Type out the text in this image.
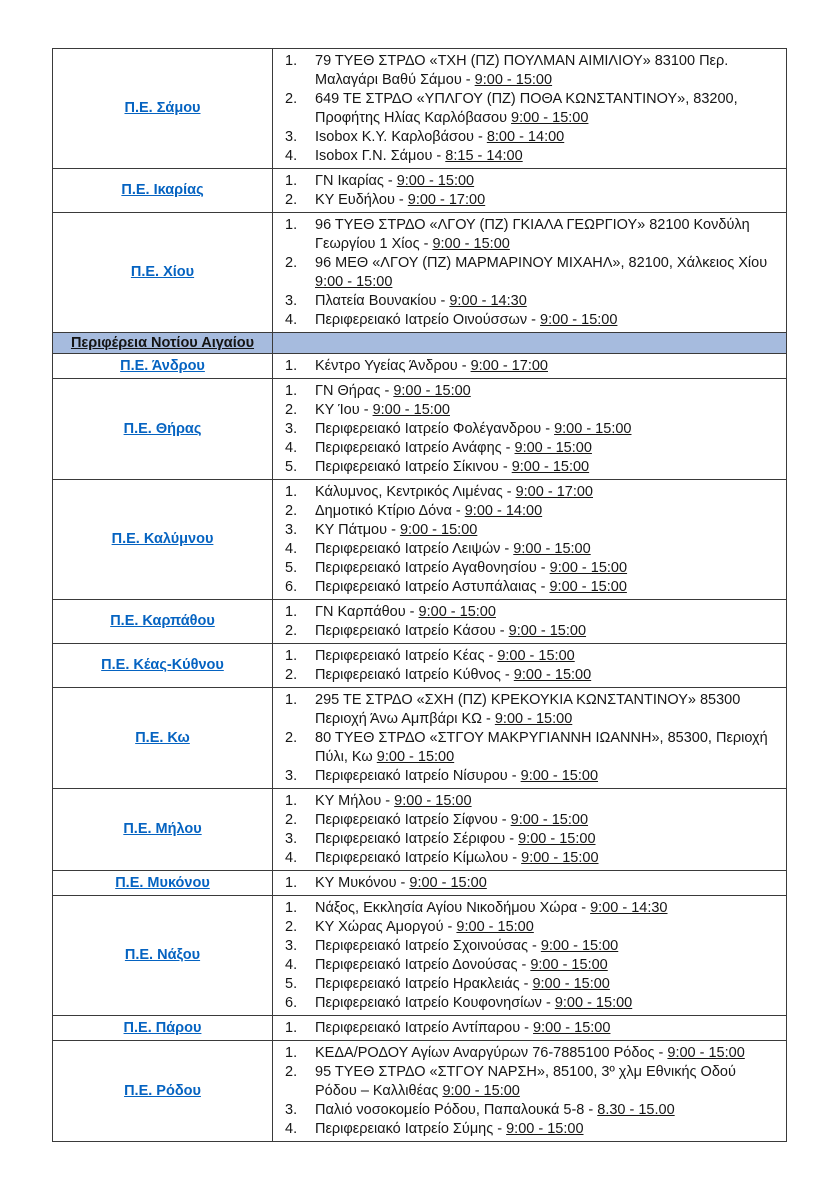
Π.Ε. Σάμου	
1.	79 ΤΥΕΘ ΣΤΡΔΟ «ΤΧΗ (ΠΖ) ΠΟΥΛΜΑΝ ΑΙΜΙΛΙΟΥ» 83100 Περ. Μαλαγάρι Βαθύ Σάμου - 9:00 - 15:00
2.	649 ΤΕ ΣΤΡΔΟ «ΥΠΛΓΟΥ (ΠΖ) ΠΟΘΑ ΚΩΝΣΤΑΝΤΙΝΟΥ», 83200, Προφήτης Ηλίας Καρλόβασου 9:00 - 15:00
3.	Isobox Κ.Υ. Καρλοβάσου - 8:00 - 14:00
4.	Isobox Γ.Ν. Σάμου - 8:15 - 14:00

Π.Ε. Ικαρίας	1. ΓΝ Ικαρίας - 9:00 - 15:00
2. ΚΥ Ευδήλου - 9:00 - 17:00

Π.Ε. Χίου	
1.	96 ΤΥΕΘ ΣΤΡΔΟ «ΛΓΟΥ (ΠΖ) ΓΚΙΑΛΑ ΓΕΩΡΓΙΟΥ» 82100 Κονδύλη Γεωργίου 1 Χίος - 9:00 - 15:00
2.	96 ΜΕΘ «ΛΓΟΥ (ΠΖ) ΜΑΡΜΑΡΙΝΟΥ ΜΙΧΑΗΛ», 82100, Χάλκειος Χίου 9:00 - 15:00
3.	Πλατεία Βουνακίου - 9:00 - 14:30
4.	Περιφερειακό Ιατρείο Οινούσσων - 9:00 - 15:00

Περιφέρεια Νοτίου Αιγαίου	
Π.Ε. Άνδρου	1. Κέντρο Υγείας Άνδρου - 9:00 - 17:00

Π.Ε. Θήρας	
1.	ΓΝ Θήρας - 9:00 - 15:00
2.	ΚΥ Ίου - 9:00 - 15:00
3.	Περιφερειακό Ιατρείο Φολέγανδρου - 9:00 - 15:00
4.	Περιφερειακό Ιατρείο Ανάφης - 9:00 - 15:00
5.	Περιφερειακό Ιατρείο Σίκινου - 9:00 - 15:00

Π.Ε. Καλύμνου	
1.	Κάλυμνος, Κεντρικός Λιμένας - 9:00 - 17:00
2.	Δημοτικό Κτίριο Δόνα - 9:00 - 14:00
3.	ΚΥ Πάτμου - 9:00 - 15:00
4.	Περιφερειακό Ιατρείο Λειψών - 9:00 - 15:00
5.	Περιφερειακό Ιατρείο Αγαθονησίου - 9:00 - 15:00
6.	Περιφερειακό Ιατρείο Αστυπάλαιας - 9:00 - 15:00

Π.Ε. Καρπάθου	1. ΓΝ Καρπάθου - 9:00 - 15:00
2. Περιφερειακό Ιατρείο Κάσου - 9:00 - 15:00

Π.Ε. Κέας-Κύθνου	1. Περιφερειακό Ιατρείο Κέας - 9:00 - 15:00
2. Περιφερειακό Ιατρείο Κύθνος - 9:00 - 15:00

Π.Ε. Κω	
1.	295 ΤΕ ΣΤΡΔΟ «ΣΧΗ (ΠΖ) ΚΡΕΚΟΥΚΙΑ ΚΩΝΣΤΑΝΤΙΝΟΥ» 85300 Περιοχή Άνω Αμπβάρι ΚΩ - 9:00 - 15:00
2.	80 ΤΥΕΘ ΣΤΡΔΟ «ΣΤΓΟΥ ΜΑΚΡΥΓΙΑΝΝΗ ΙΩΑΝΝΗ», 85300, Περιοχή Πύλι, Κω 9:00 - 15:00
3.	Περιφερειακό Ιατρείο Νίσυρου - 9:00 - 15:00

Π.Ε. Μήλου	
1.	ΚΥ Μήλου - 9:00 - 15:00
2.	Περιφερειακό Ιατρείο Σίφνου - 9:00 - 15:00
3.	Περιφερειακό Ιατρείο Σέριφου - 9:00 - 15:00
4.	Περιφερειακό Ιατρείο Κίμωλου - 9:00 - 15:00

Π.Ε. Μυκόνου	1. ΚΥ Μυκόνου - 9:00 - 15:00

Π.Ε. Νάξου	
1.	Νάξος, Εκκλησία Αγίου Νικοδήμου Χώρα - 9:00 - 14:30
2.	ΚΥ Χώρας Αμοργού - 9:00 - 15:00
3.	Περιφερειακό Ιατρείο Σχοινούσας - 9:00 - 15:00
4.	Περιφερειακό Ιατρείο Δονούσας - 9:00 - 15:00
5.	Περιφερειακό Ιατρείο Ηρακλειάς - 9:00 - 15:00
6.	Περιφερειακό Ιατρείο Κουφονησίων - 9:00 - 15:00

Π.Ε. Πάρου	1. Περιφερειακό Ιατρείο Αντίπαρου - 9:00 - 15:00

Π.Ε. Ρόδου	
1.	ΚΕΔΑ/ΡΟΔΟΥ Αγίων Αναργύρων 76-7885100 Ρόδος - 9:00 - 15:00
2.	95 ΤΥΕΘ ΣΤΡΔΟ «ΣΤΓΟΥ ΝΑΡΣΗ», 85100, 3º χλμ Εθνικής Οδού Ρόδου – Καλλιθέας 9:00 - 15:00
3.	Παλιό νοσοκομείο Ρόδου, Παπαλουκά 5-8 - 8.30 - 15.00
4.	Περιφερειακό Ιατρείο Σύμης - 9:00 - 15:00
